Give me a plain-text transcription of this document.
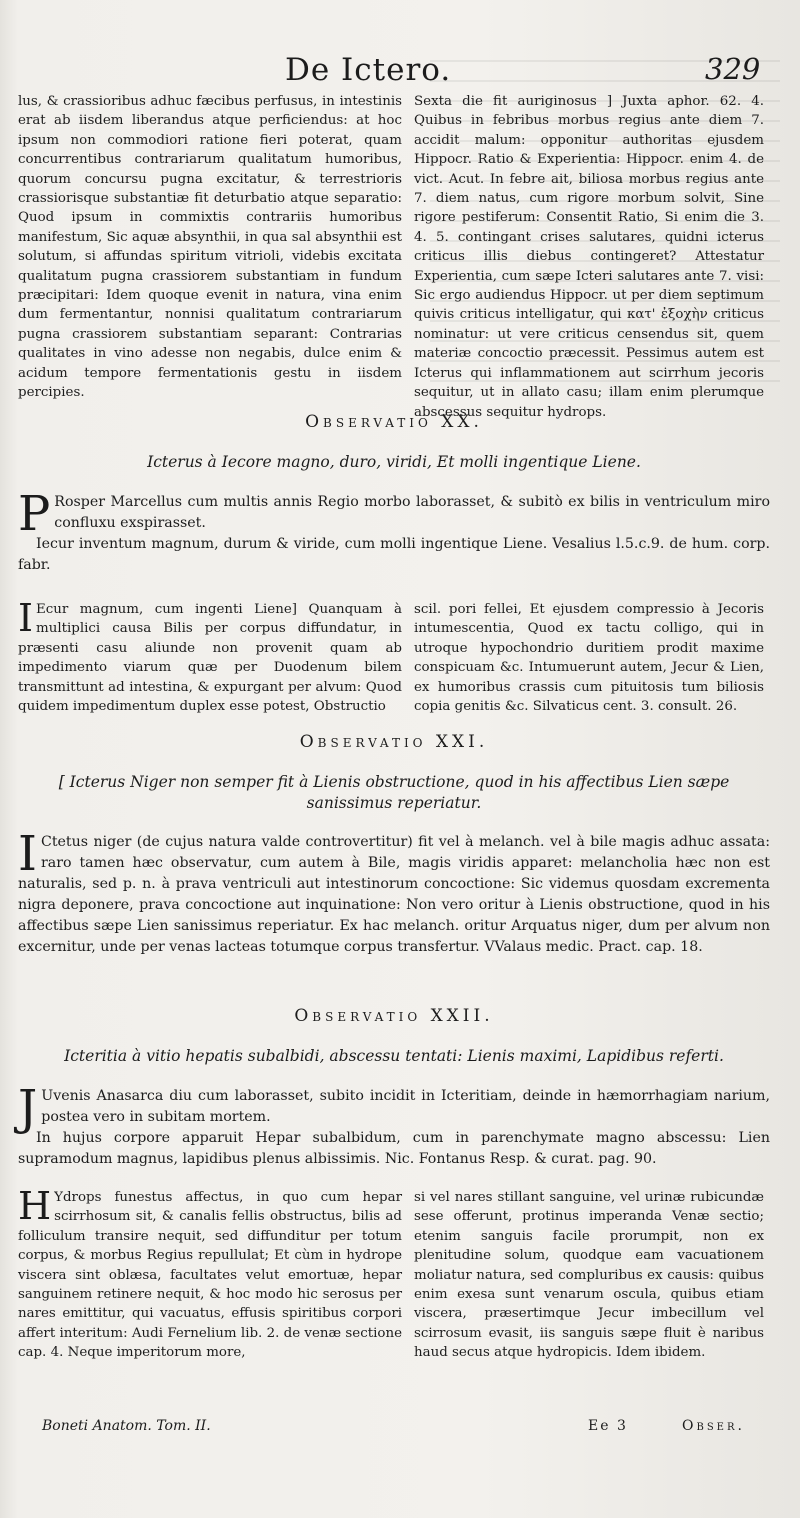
De Ictero.	329

lus, & crassioribus adhuc fæcibus perfusus, in intestinis erat ab iisdem liberandus atque perficiendus: at hoc ipsum non commodiori ratione fieri poterat, quam concurrentibus contrariarum qualitatum humoribus, quorum concursu pugna excitatur, & terrestrioris crassiorisque substantiæ fit deturbatio atque separatio: Quod ipsum in commixtis contrariis humoribus manifestum, Sic aquæ absynthii, in qua sal absynthii est solutum, si affundas spiritum vitrioli, videbis excitata qualitatum pugna crassiorem substantiam in fundum præcipitari: Idem quoque evenit in natura, vina enim dum fermentantur, nonnisi qualitatum contrariarum pugna crassiorem substantiam separant: Contrarias qualitates in vino adesse non negabis, dulce enim & acidum tempore fermentationis gestu in iisdem percipies.

Sexta die fit auriginosus ] Juxta aphor. 62. 4. Quibus in febribus morbus regius ante diem 7. accidit malum: opponitur authoritas ejusdem Hippocr. Ratio & Experientia: Hippocr. enim 4. de vict. Acut. In febre ait, biliosa morbus regius ante 7. diem natus, cum rigore morbum solvit, Sine rigore pestiferum: Consentit Ratio, Si enim die 3. 4. 5. contingant crises salutares, quidni icterus criticus illis diebus contingeret? Attestatur Experientia, cum sæpe Icteri salutares ante 7. visi: Sic ergo audiendus Hippocr. ut per diem septimum quivis criticus intelligatur, qui κατ' ἐξοχὴν criticus nominatur: ut vere criticus censendus sit, quem materiæ concoctio præcessit. Pessimus autem est Icterus qui inflammationem aut scirrhum jecoris sequitur, ut in allato casu; illam enim plerumque abscessus sequitur hydrops.

Observatio XX.
Icterus à Iecore magno, duro, viridi, Et molli ingentique Liene.

P Rosper Marcellus cum multis annis Regio morbo laborasset, & subitò ex bilis in ventriculum miro confluxu exspirasset.

Iecur inventum magnum, durum & viride, cum molli ingentique Liene. Vesalius l.5.c.9. de hum. corp. fabr.

I Ecur magnum, cum ingenti Liene] Quanquam à multiplici causa Bilis per corpus diffundatur, in præsenti casu aliunde non provenit quam ab impedimento viarum quæ per Duodenum bilem transmittunt ad intestina, & expurgant per alvum: Quod quidem impedimentum duplex esse potest, Obstructio

scil. pori fellei, Et ejusdem compressio à Jecoris intumescentia, Quod ex tactu colligo, qui in utroque hypochondrio duritiem prodit maxime conspicuam &c. Intumuerunt autem, Jecur & Lien, ex humoribus crassis cum pituitosis tum biliosis copia genitis &c. Silvaticus cent. 3. consult. 26.

Observatio XXI.
[ Icterus Niger non semper fit à Lienis obstructione, quod in his affectibus Lien sæpe sanissimus reperiatur.

I Ctetus niger (de cujus natura valde controvertitur) fit vel à melanch. vel à bile magis adhuc assata: raro tamen hæc observatur, cum autem à Bile, magis viridis apparet: melancholia hæc non est naturalis, sed p. n. à prava ventriculi aut intestinorum concoctione: Sic videmus quosdam excrementa nigra deponere, prava concoctione aut inquinatione: Non vero oritur à Lienis obstructione, quod in his affectibus sæpe Lien sanissimus reperiatur. Ex hac melanch. oritur Arquatus niger, dum per alvum non excernitur, unde per venas lacteas totumque corpus transfertur. VValaus medic. Pract. cap. 18.

Observatio XXII.
Icteritia à vitio hepatis subalbidi, abscessu tentati: Lienis maximi, Lapidibus referti.

J Uvenis Anasarca diu cum laborasset, subito incidit in Icteritiam, deinde in hæmorrhagiam narium, postea vero in subitam mortem.

In hujus corpore apparuit Hepar subalbidum, cum in parenchymate magno abscessu: Lien supramodum magnus, lapidibus plenus albissimis. Nic. Fontanus Resp. & curat. pag. 90.

H Ydrops funestus affectus, in quo cum hepar scirrhosum sit, & canalis fellis obstructus, bilis ad folliculum transire nequit, sed diffunditur per totum corpus, & morbus Regius repullulat; Et cùm in hydrope viscera sint oblæsa, facultates velut emortuæ, hepar sanguinem retinere nequit, & hoc modo hic serosus per nares emittitur, qui vacuatus, effusis spiritibus corpori affert interitum: Audi Fernelium lib. 2. de venæ sectione cap. 4. Neque imperitorum more,

si vel nares stillant sanguine, vel urinæ rubicundæ sese offerunt, protinus imperanda Venæ sectio; etenim sanguis facile prorumpit, non ex plenitudine solum, quodque eam vacuationem moliatur natura, sed compluribus ex causis: quibus enim exesa sunt venarum oscula, quibus etiam viscera, præsertimque Jecur imbecillum vel scirrosum evasit, iis sanguis sæpe fluit è naribus haud secus atque hydropicis. Idem ibidem.

Boneti Anatom. Tom. II.	Ee 3	Obser.
